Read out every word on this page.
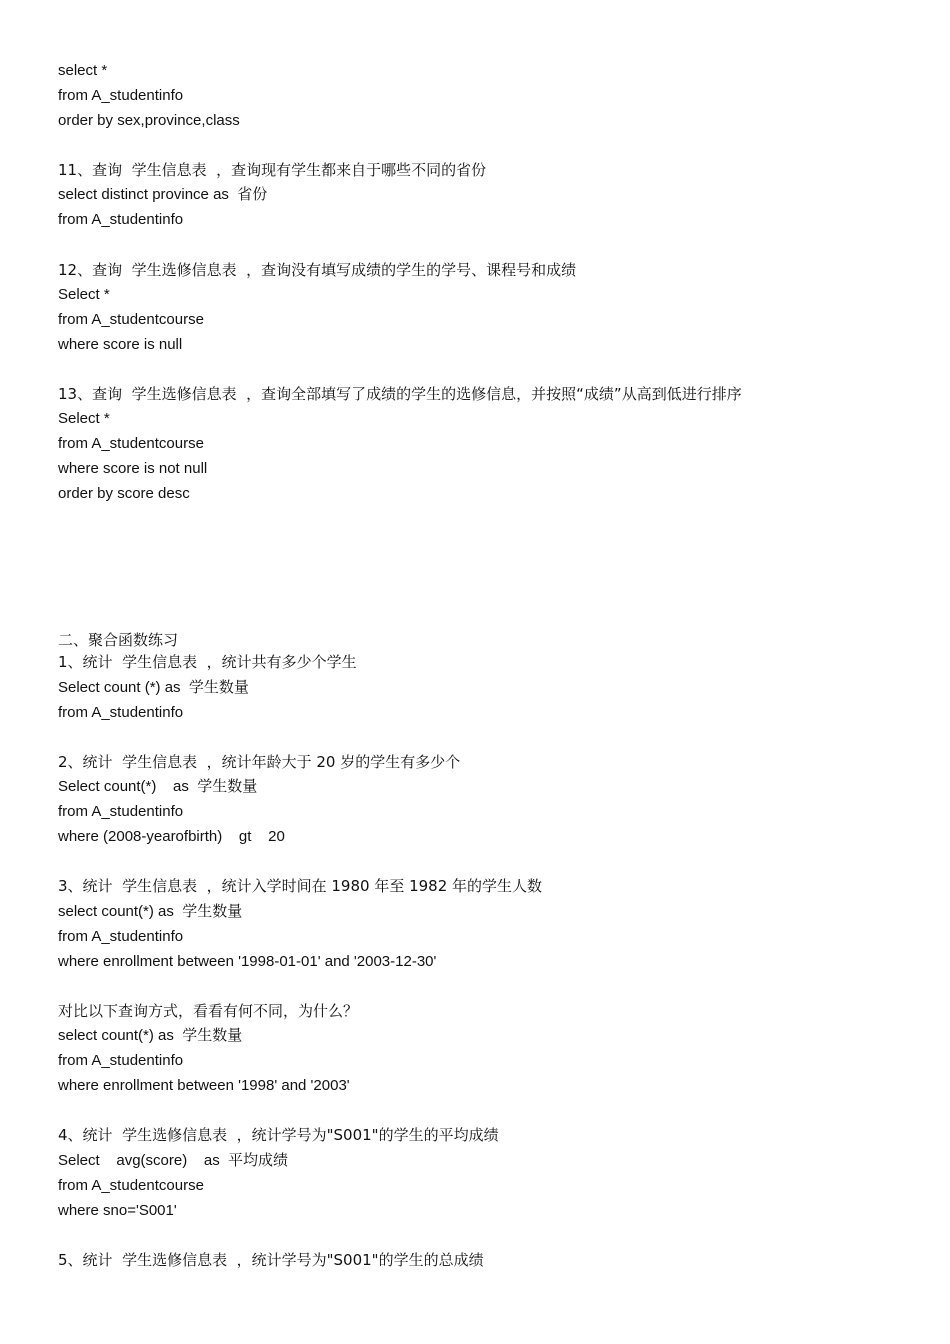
select *
from A_studentinfo
order by sex,province,class
11、查询  学生信息表  ，查询现有学生都来自于哪些不同的省份
select distinct province as  省份
from A_studentinfo
12、查询  学生选修信息表  ，查询没有填写成绩的学生的学号、课程号和成绩
Select *
from A_studentcourse
where score is null
13、查询  学生选修信息表  ，查询全部填写了成绩的学生的选修信息，并按照“成绩”从高到低进行排序
Select *
from A_studentcourse
where score is not null
order by score desc
二、聚合函数练习
1、统计  学生信息表  ，统计共有多少个学生
Select count (*) as  学生数量
from A_studentinfo
2、统计  学生信息表  ，统计年龄大于 20 岁的学生有多少个
Select count(*)    as  学生数量
from A_studentinfo
where (2008-yearofbirth)    gt    20
3、统计  学生信息表  ，统计入学时间在 1980 年至 1982 年的学生人数
select count(*) as  学生数量
from A_studentinfo
where enrollment between '1998-01-01' and '2003-12-30'
对比以下查询方式，看看有何不同，为什么？
select count(*) as  学生数量
from A_studentinfo
where enrollment between '1998' and '2003'
4、统计  学生选修信息表  ，统计学号为"S001"的学生的平均成绩
Select    avg(score)    as  平均成绩
from A_studentcourse
where sno='S001'
5、统计  学生选修信息表  ，统计学号为"S001"的学生的总成绩
